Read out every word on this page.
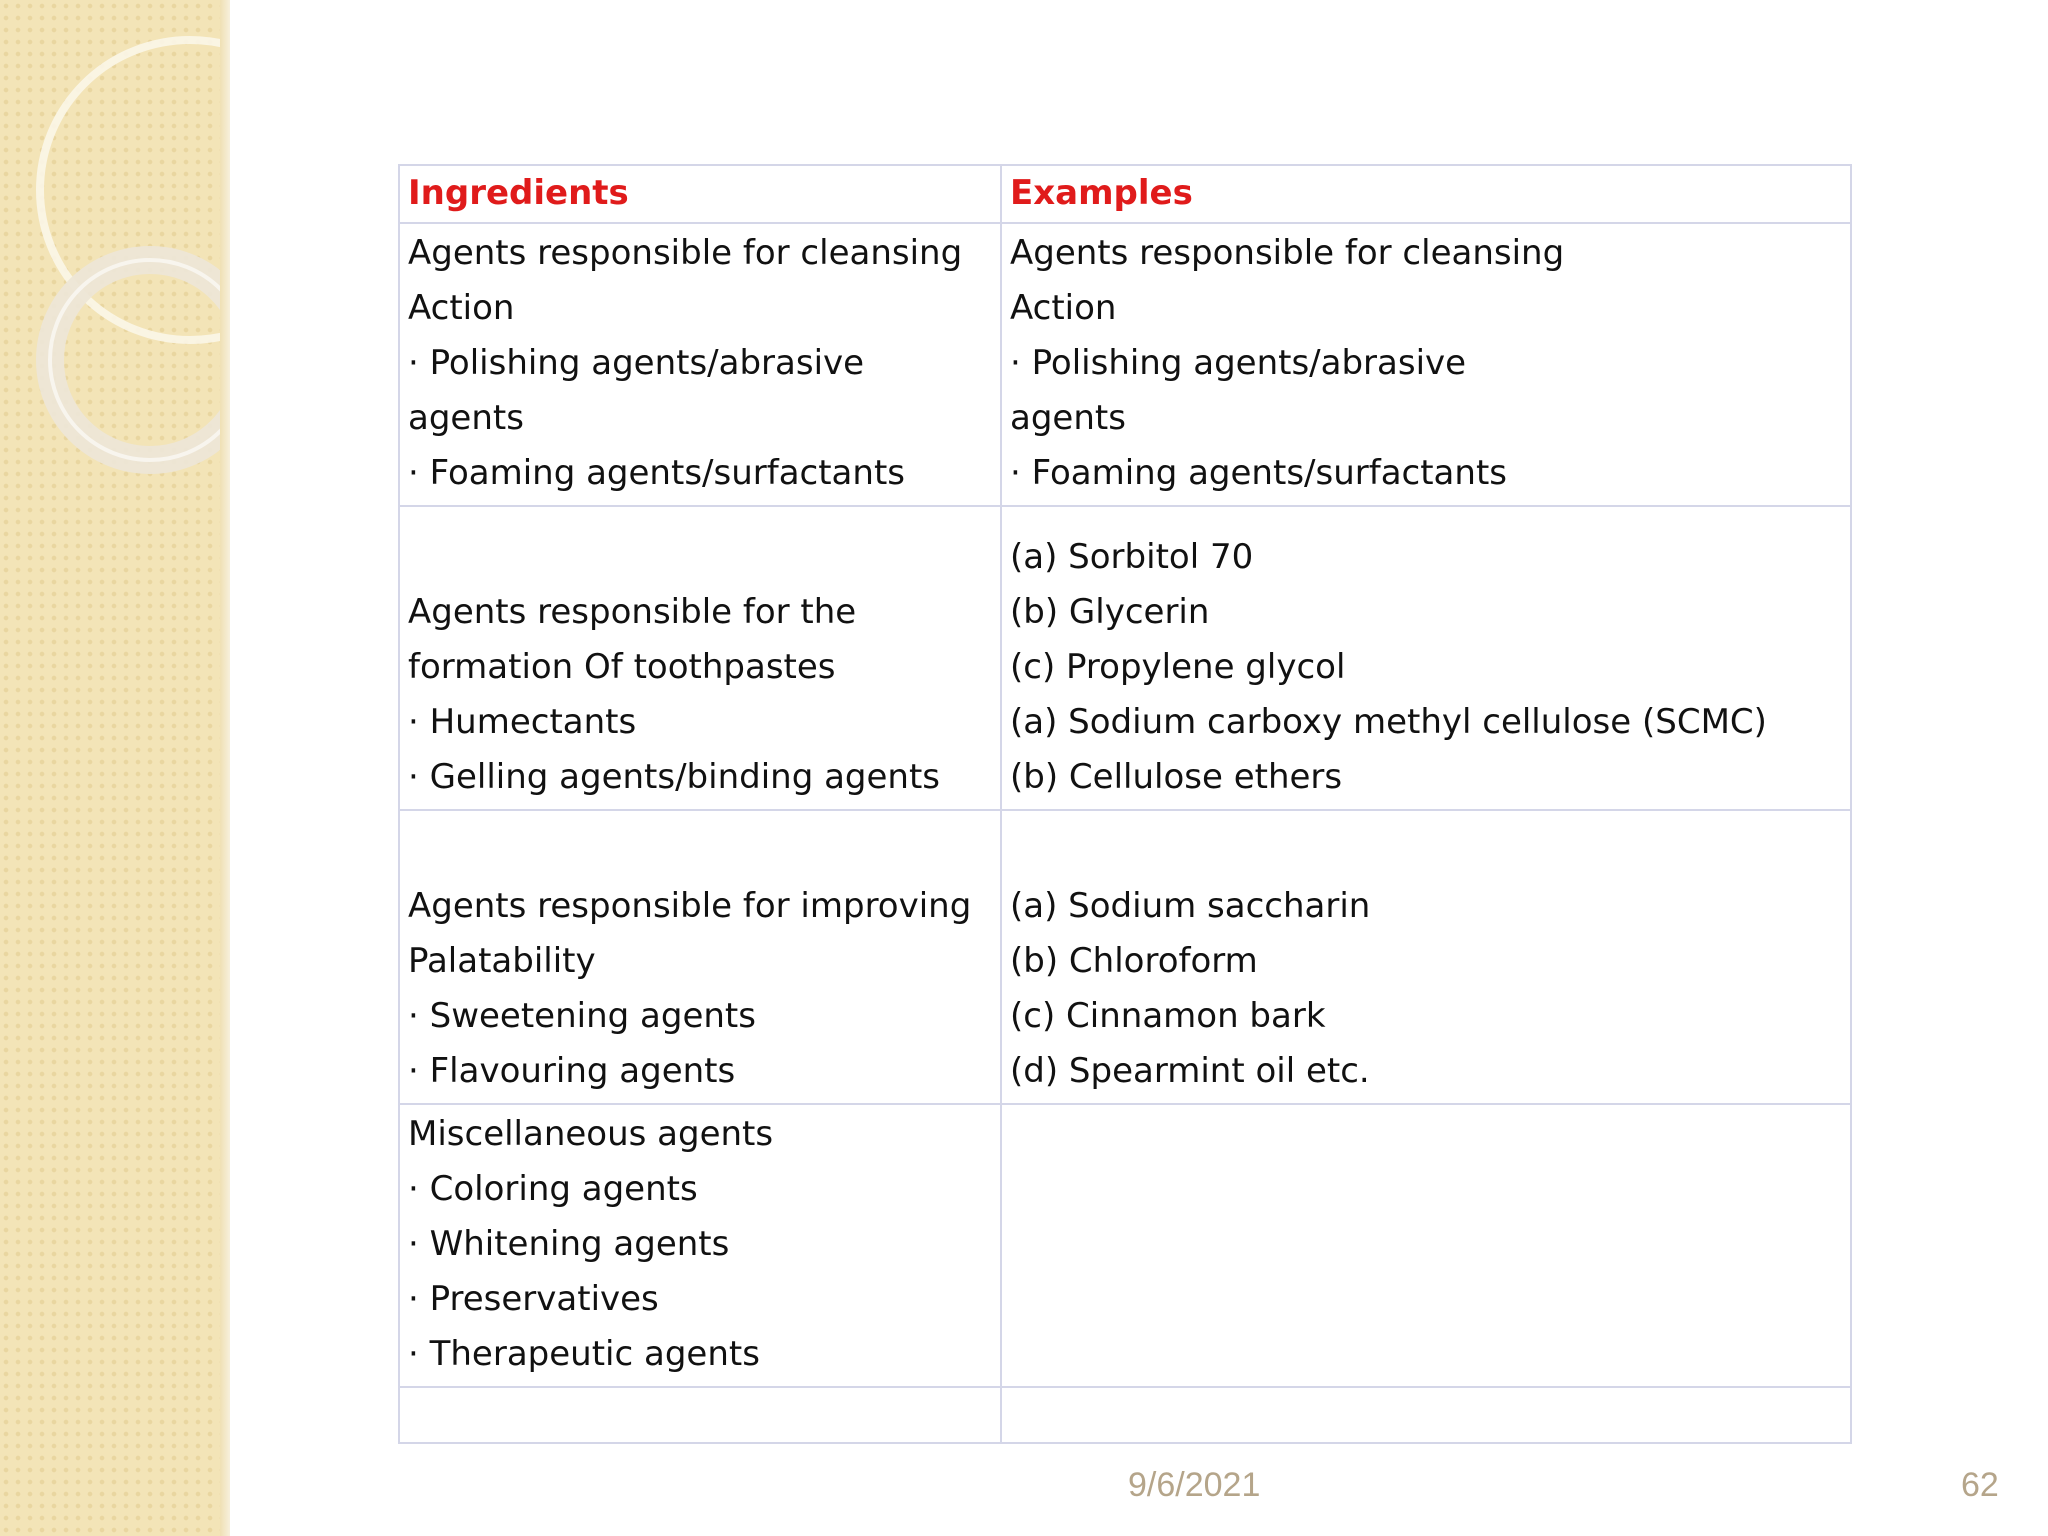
Ingredients	Examples

Agents responsible for cleansing
Action
· Polishing agents/abrasive
agents
· Foaming agents/surfactants	Agents responsible for cleansing
Action
· Polishing agents/abrasive
agents
· Foaming agents/surfactants

Agents responsible for the
formation Of toothpastes
· Humectants
· Gelling agents/binding agents	(a) Sorbitol 70
(b) Glycerin
(c) Propylene glycol
(a) Sodium carboxy methyl cellulose (SCMC)
(b) Cellulose ethers

Agents responsible for improving
Palatability
· Sweetening agents
· Flavouring agents	(a) Sodium saccharin
(b) Chloroform
(c) Cinnamon bark
(d) Spearmint oil etc.

Miscellaneous agents
· Coloring agents
· Whitening agents
· Preservatives
· Therapeutic agents	

9/6/2021	62
